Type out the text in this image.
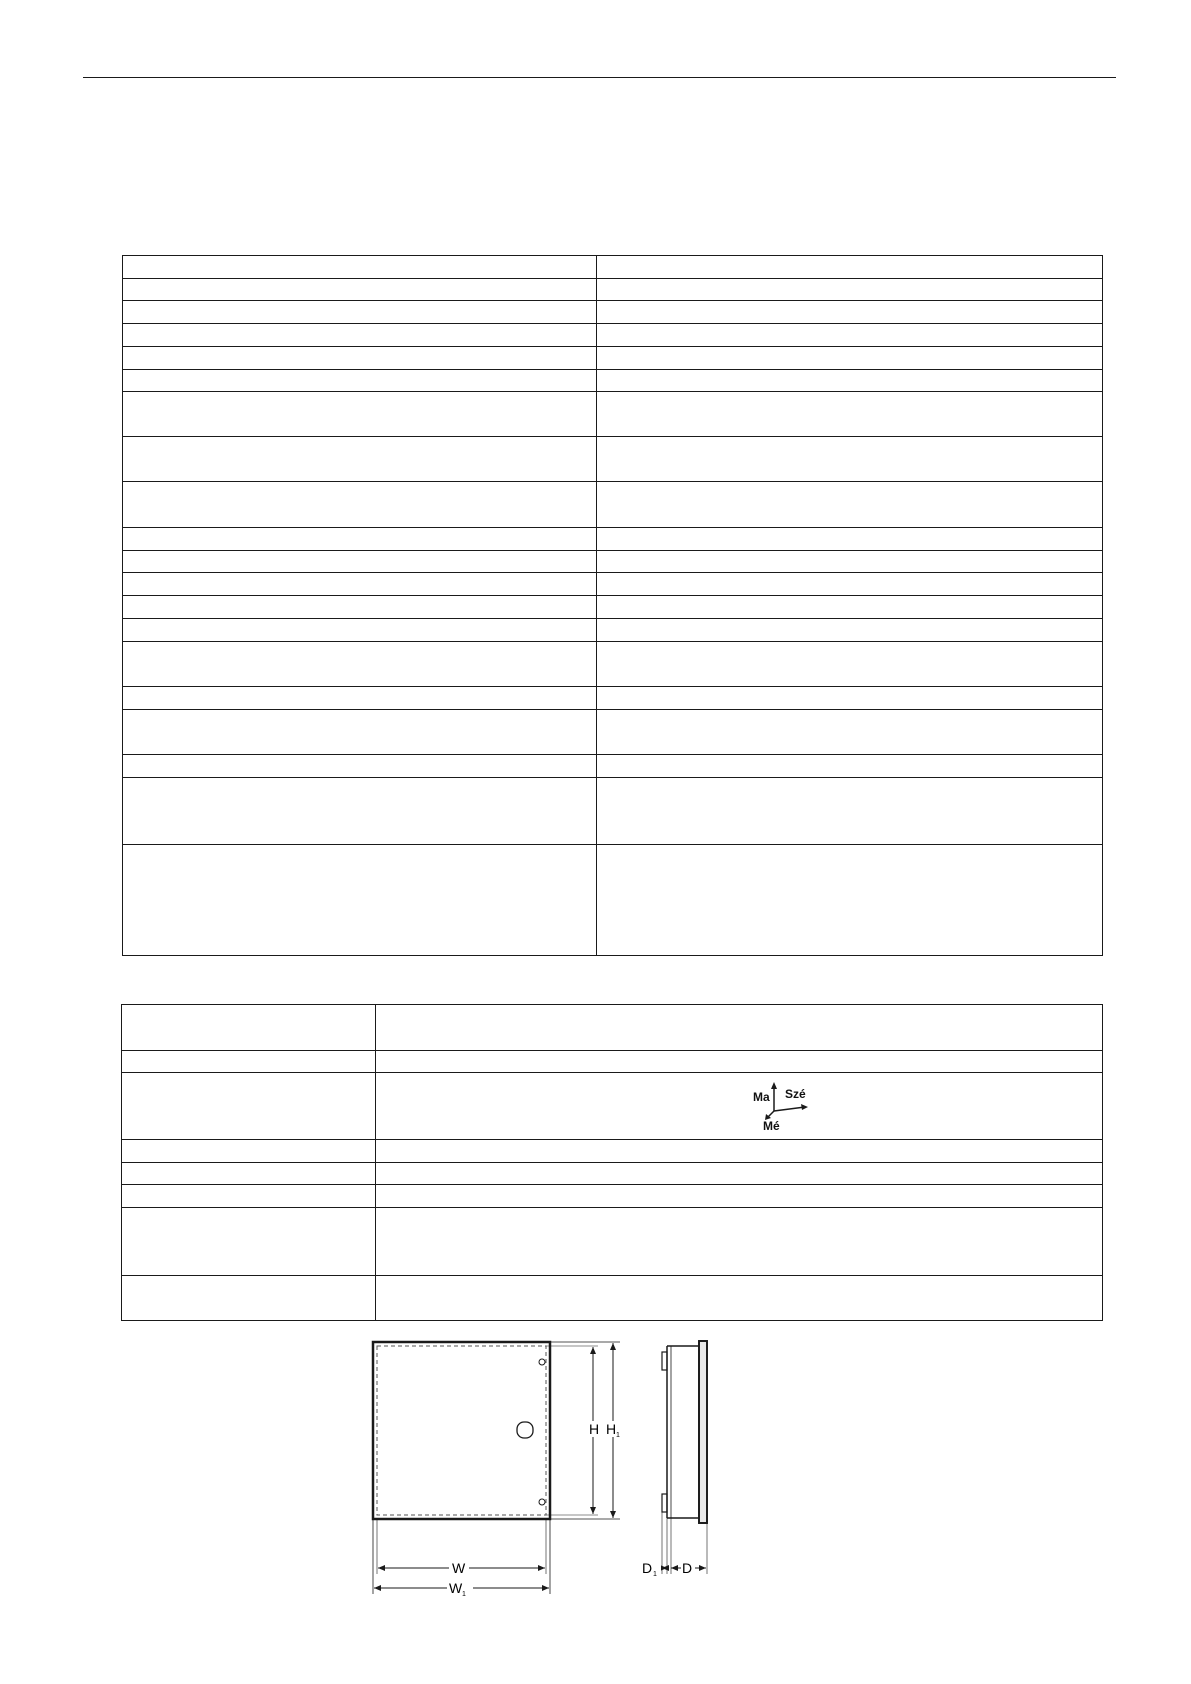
	Ma Szé
Mé

H H 1
W
W 1
D 1 D
